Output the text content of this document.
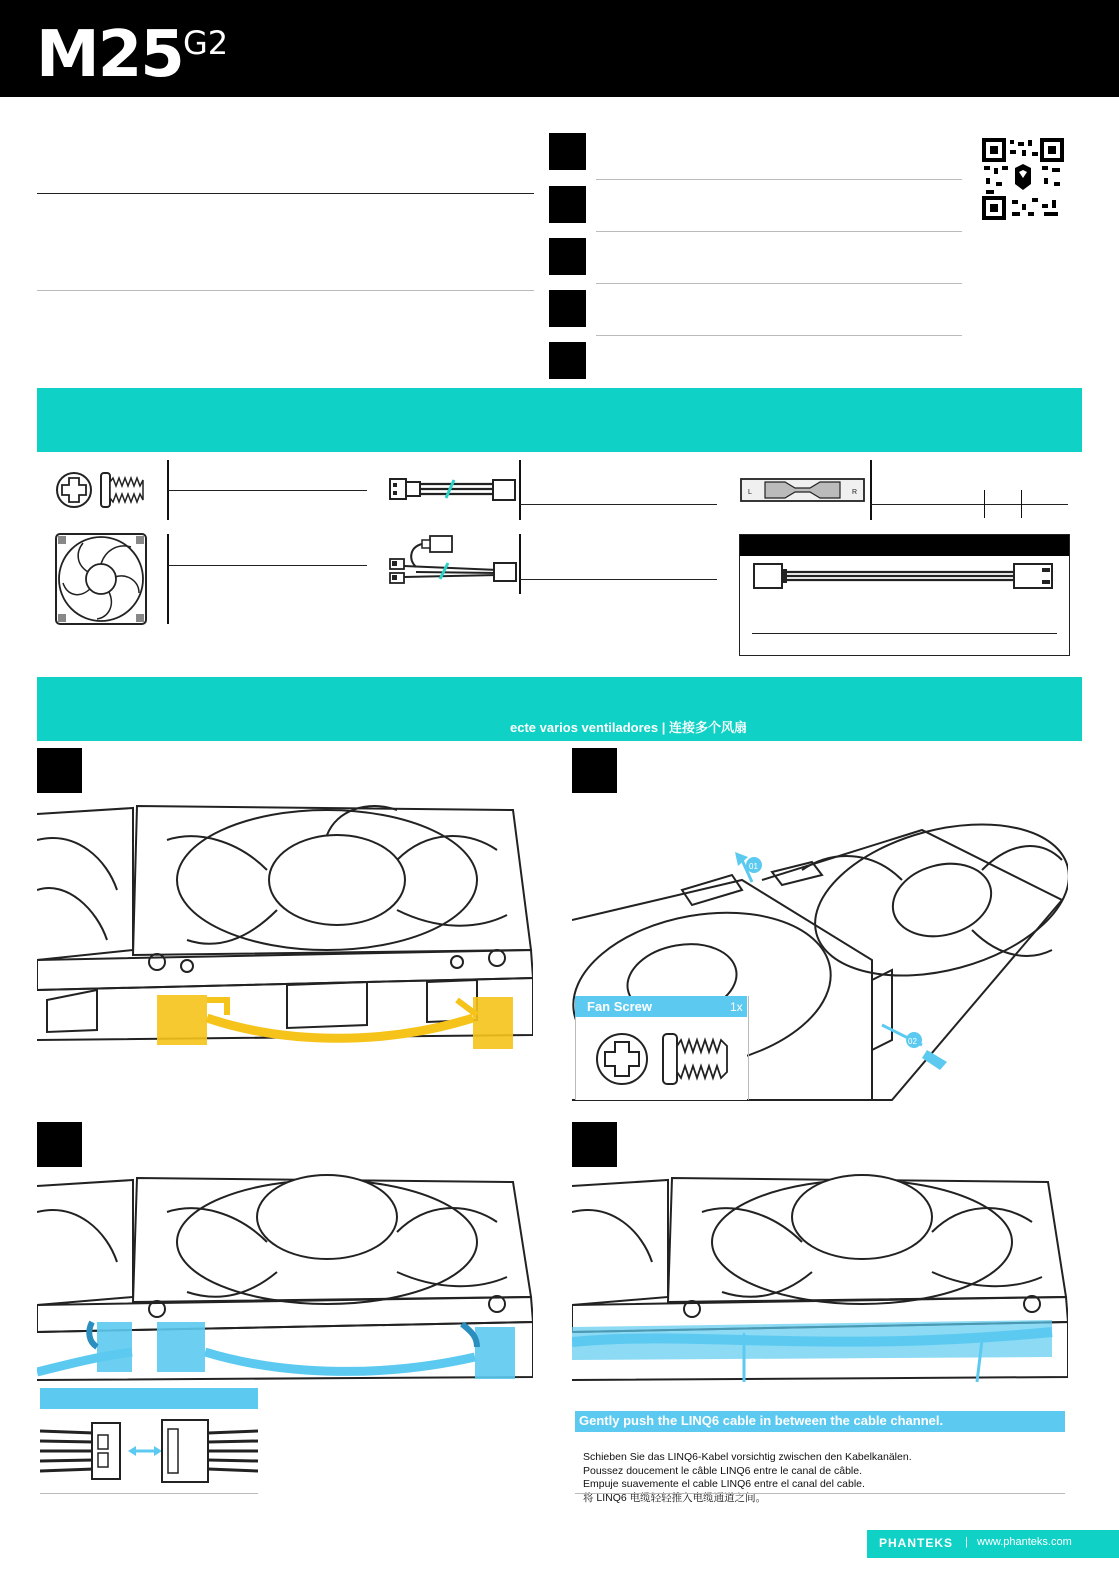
M25 G2
L	R
ecte varios ventiladores | 连接多个风扇
01
02
Fan Screw	1x
Gently push the LINQ6 cable in between the cable channel.
Schieben Sie das LINQ6-Kabel vorsichtig zwischen den Kabelkanälen.
Poussez doucement le câble LINQ6 entre le canal de câble.
Empuje suavemente el cable LINQ6 entre el canal del cable.
将 LINQ6 电缆轻轻推入电缆通道之间。
PHANTEKS | www.phanteks.com
